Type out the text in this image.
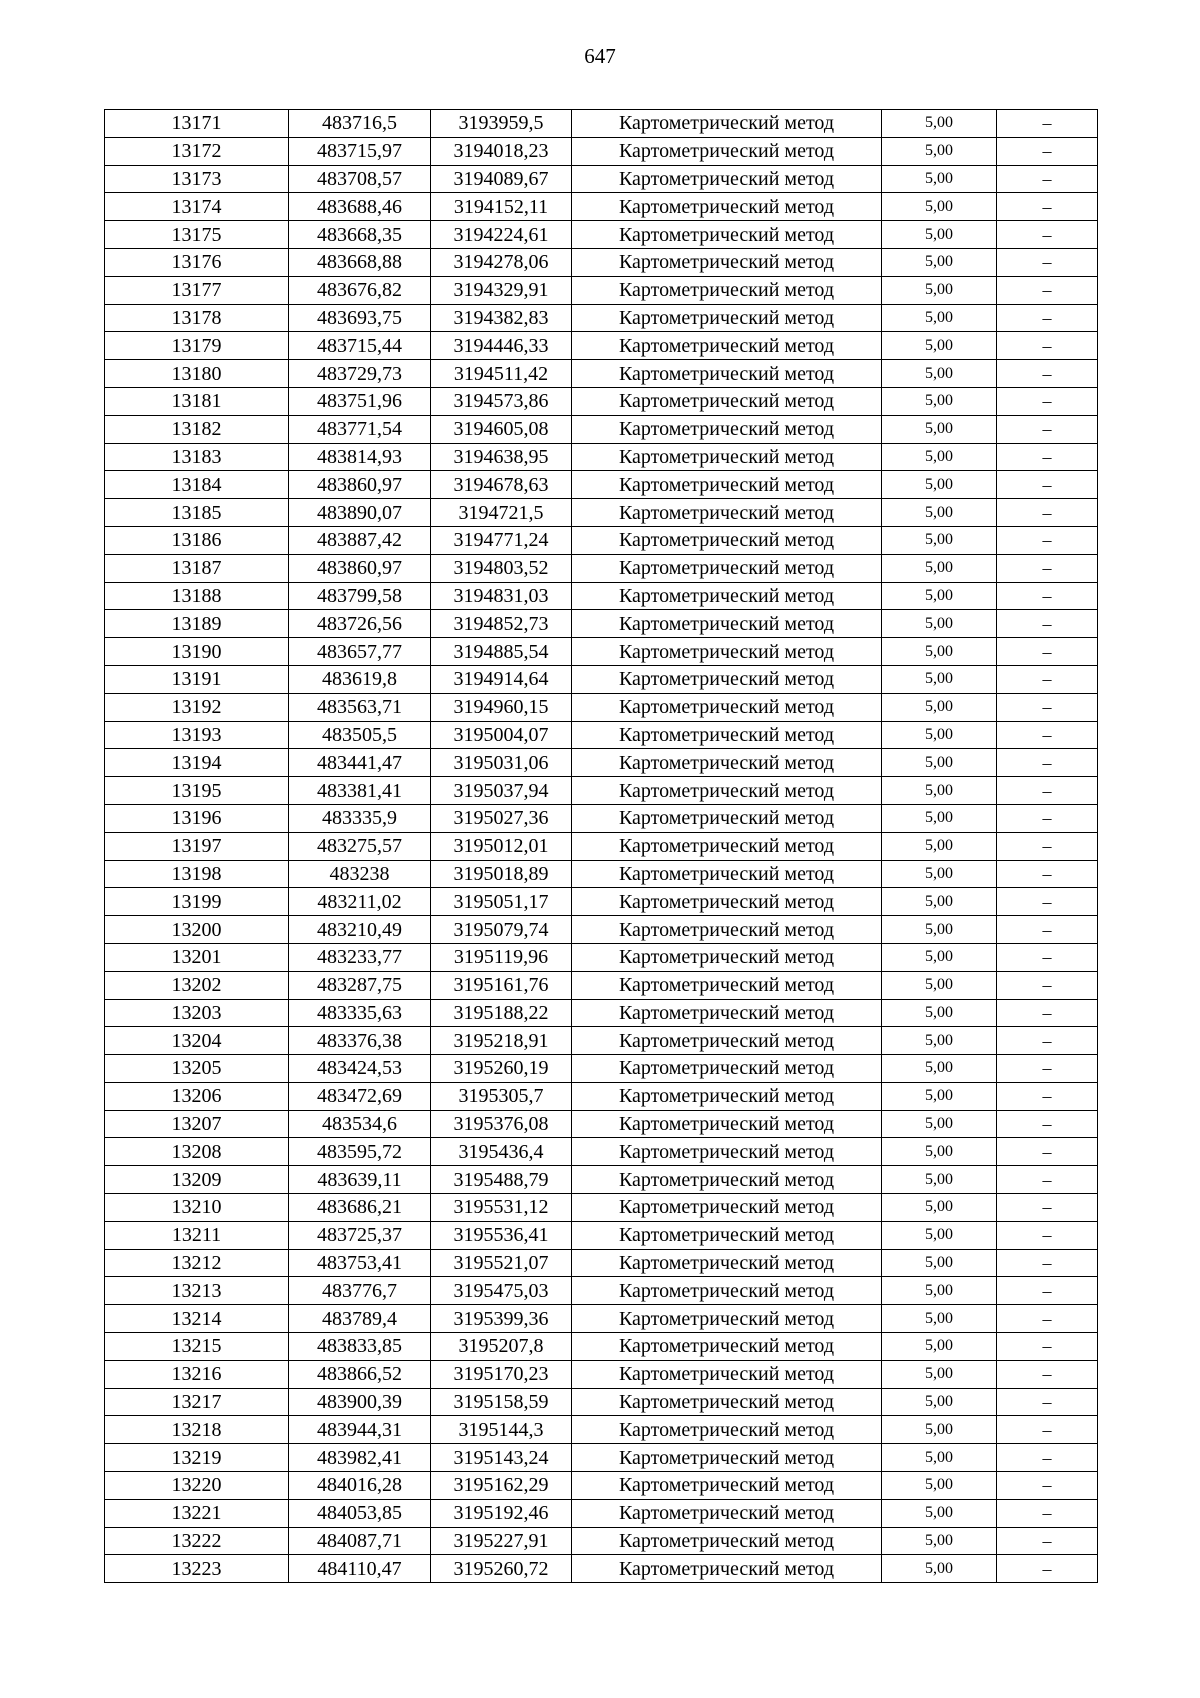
647
13171	483716,5	3193959,5	Картометрический метод	5,00	–
13172	483715,97	3194018,23	Картометрический метод	5,00	–
13173	483708,57	3194089,67	Картометрический метод	5,00	–
13174	483688,46	3194152,11	Картометрический метод	5,00	–
13175	483668,35	3194224,61	Картометрический метод	5,00	–
13176	483668,88	3194278,06	Картометрический метод	5,00	–
13177	483676,82	3194329,91	Картометрический метод	5,00	–
13178	483693,75	3194382,83	Картометрический метод	5,00	–
13179	483715,44	3194446,33	Картометрический метод	5,00	–
13180	483729,73	3194511,42	Картометрический метод	5,00	–
13181	483751,96	3194573,86	Картометрический метод	5,00	–
13182	483771,54	3194605,08	Картометрический метод	5,00	–
13183	483814,93	3194638,95	Картометрический метод	5,00	–
13184	483860,97	3194678,63	Картометрический метод	5,00	–
13185	483890,07	3194721,5	Картометрический метод	5,00	–
13186	483887,42	3194771,24	Картометрический метод	5,00	–
13187	483860,97	3194803,52	Картометрический метод	5,00	–
13188	483799,58	3194831,03	Картометрический метод	5,00	–
13189	483726,56	3194852,73	Картометрический метод	5,00	–
13190	483657,77	3194885,54	Картометрический метод	5,00	–
13191	483619,8	3194914,64	Картометрический метод	5,00	–
13192	483563,71	3194960,15	Картометрический метод	5,00	–
13193	483505,5	3195004,07	Картометрический метод	5,00	–
13194	483441,47	3195031,06	Картометрический метод	5,00	–
13195	483381,41	3195037,94	Картометрический метод	5,00	–
13196	483335,9	3195027,36	Картометрический метод	5,00	–
13197	483275,57	3195012,01	Картометрический метод	5,00	–
13198	483238	3195018,89	Картометрический метод	5,00	–
13199	483211,02	3195051,17	Картометрический метод	5,00	–
13200	483210,49	3195079,74	Картометрический метод	5,00	–
13201	483233,77	3195119,96	Картометрический метод	5,00	–
13202	483287,75	3195161,76	Картометрический метод	5,00	–
13203	483335,63	3195188,22	Картометрический метод	5,00	–
13204	483376,38	3195218,91	Картометрический метод	5,00	–
13205	483424,53	3195260,19	Картометрический метод	5,00	–
13206	483472,69	3195305,7	Картометрический метод	5,00	–
13207	483534,6	3195376,08	Картометрический метод	5,00	–
13208	483595,72	3195436,4	Картометрический метод	5,00	–
13209	483639,11	3195488,79	Картометрический метод	5,00	–
13210	483686,21	3195531,12	Картометрический метод	5,00	–
13211	483725,37	3195536,41	Картометрический метод	5,00	–
13212	483753,41	3195521,07	Картометрический метод	5,00	–
13213	483776,7	3195475,03	Картометрический метод	5,00	–
13214	483789,4	3195399,36	Картометрический метод	5,00	–
13215	483833,85	3195207,8	Картометрический метод	5,00	–
13216	483866,52	3195170,23	Картометрический метод	5,00	–
13217	483900,39	3195158,59	Картометрический метод	5,00	–
13218	483944,31	3195144,3	Картометрический метод	5,00	–
13219	483982,41	3195143,24	Картометрический метод	5,00	–
13220	484016,28	3195162,29	Картометрический метод	5,00	–
13221	484053,85	3195192,46	Картометрический метод	5,00	–
13222	484087,71	3195227,91	Картометрический метод	5,00	–
13223	484110,47	3195260,72	Картометрический метод	5,00	–
